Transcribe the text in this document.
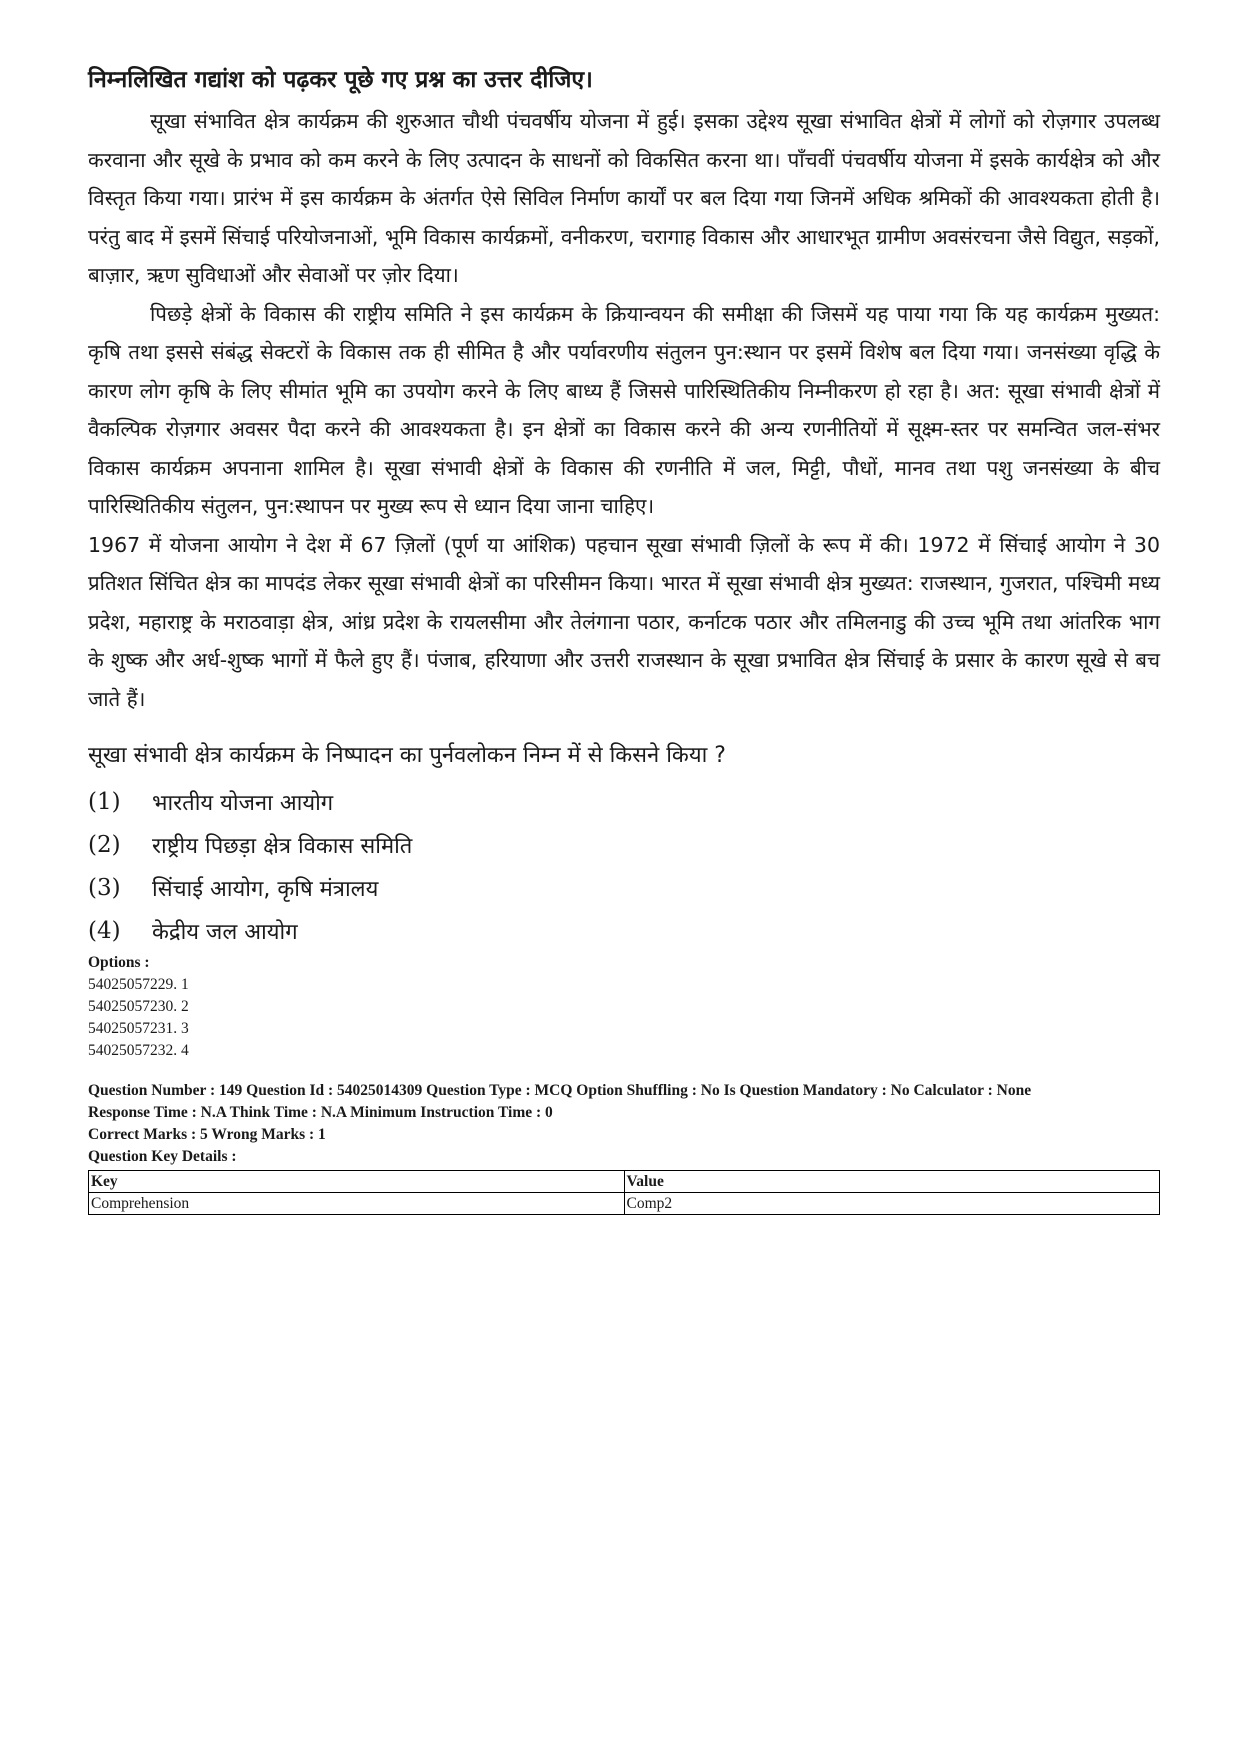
निम्नलिखित गद्यांश को पढ़कर पूछे गए प्रश्न का उत्तर दीजिए।

सूखा संभावित क्षेत्र कार्यक्रम की शुरुआत चौथी पंचवर्षीय योजना में हुई। इसका उद्देश्य सूखा संभावित क्षेत्रों में लोगों को रोज़गार उपलब्ध करवाना और सूखे के प्रभाव को कम करने के लिए उत्पादन के साधनों को विकसित करना था। पाँचवीं पंचवर्षीय योजना में इसके कार्यक्षेत्र को और विस्तृत किया गया। प्रारंभ में इस कार्यक्रम के अंतर्गत ऐसे सिविल निर्माण कार्यों पर बल दिया गया जिनमें अधिक श्रमिकों की आवश्यकता होती है। परंतु बाद में इसमें सिंचाई परियोजनाओं, भूमि विकास कार्यक्रमों, वनीकरण, चरागाह विकास और आधारभूत ग्रामीण अवसंरचना जैसे विद्युत, सड़कों, बाज़ार, ऋण सुविधाओं और सेवाओं पर ज़ोर दिया।

पिछड़े क्षेत्रों के विकास की राष्ट्रीय समिति ने इस कार्यक्रम के क्रियान्वयन की समीक्षा की जिसमें यह पाया गया कि यह कार्यक्रम मुख्यत: कृषि तथा इससे संबंद्ध सेक्टरों के विकास तक ही सीमित है और पर्यावरणीय संतुलन पुन:स्थान पर इसमें विशेष बल दिया गया। जनसंख्या वृद्धि के कारण लोग कृषि के लिए सीमांत भूमि का उपयोग करने के लिए बाध्य हैं जिससे पारिस्थितिकीय निम्नीकरण हो रहा है। अत: सूखा संभावी क्षेत्रों में वैकल्पिक रोज़गार अवसर पैदा करने की आवश्यकता है। इन क्षेत्रों का विकास करने की अन्य रणनीतियों में सूक्ष्म-स्तर पर समन्वित जल-संभर विकास कार्यक्रम अपनाना शामिल है। सूखा संभावी क्षेत्रों के विकास की रणनीति में जल, मिट्टी, पौधों, मानव तथा पशु जनसंख्या के बीच पारिस्थितिकीय संतुलन, पुन:स्थापन पर मुख्य रूप से ध्यान दिया जाना चाहिए।

1967 में योजना आयोग ने देश में 67 ज़िलों (पूर्ण या आंशिक) पहचान सूखा संभावी ज़िलों के रूप में की। 1972 में सिंचाई आयोग ने 30 प्रतिशत सिंचित क्षेत्र का मापदंड लेकर सूखा संभावी क्षेत्रों का परिसीमन किया। भारत में सूखा संभावी क्षेत्र मुख्यत: राजस्थान, गुजरात, पश्चिमी मध्य प्रदेश, महाराष्ट्र के मराठवाड़ा क्षेत्र, आंध्र प्रदेश के रायलसीमा और तेलंगाना पठार, कर्नाटक पठार और तमिलनाडु की उच्च भूमि तथा आंतरिक भाग के शुष्क और अर्ध-शुष्क भागों में फैले हुए हैं। पंजाब, हरियाणा और उत्तरी राजस्थान के सूखा प्रभावित क्षेत्र सिंचाई के प्रसार के कारण सूखे से बच जाते हैं।

सूखा संभावी क्षेत्र कार्यक्रम के निष्पादन का पुर्नवलोकन निम्न में से किसने किया ?

(1)	भारतीय योजना आयोग
(2)	राष्ट्रीय पिछड़ा क्षेत्र विकास समिति
(3)	सिंचाई आयोग, कृषि मंत्रालय
(4)	केद्रीय जल आयोग

Options :

54025057229. 1

54025057230. 2

54025057231. 3

54025057232. 4

Question Number : 149 Question Id : 54025014309 Question Type : MCQ Option Shuffling : No Is Question Mandatory : No Calculator : None

Response Time : N.A Think Time : N.A Minimum Instruction Time : 0

Correct Marks : 5 Wrong Marks : 1

Question Key Details :

Key	Value
Comprehension	Comp2
